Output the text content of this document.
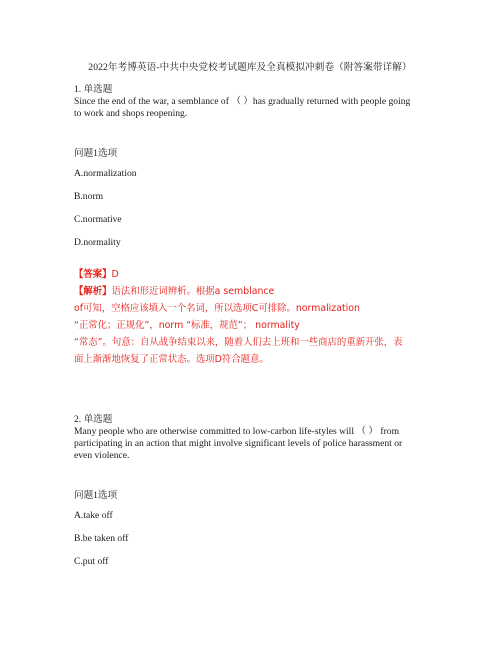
2022年考博英语-中共中央党校考试题库及全真模拟冲刺卷（附答案带详解）
1. 单选题
Since the end of the war, a semblance of （ ）has gradually returned with people going
to work and shops reopening.
问题1选项
A.normalization
B.norm
C.normative
D.normality
【答案】D
【解析】语法和形近词辨析。根据a semblance
of可知，空格应该填入一个名词，所以选项C可排除。normalization
“正常化；正规化”，norm “标准，规范”； normality
“常态”。句意：自从战争结束以来，随着人们去上班和一些商店的重新开张，表
面上渐渐地恢复了正常状态。选项D符合题意。
2. 单选题
Many people who are otherwise committed to low-carbon life-styles will （ ） from
participating in an action that might involve significant levels of police harassment or
even violence.
问题1选项
A.take off
B.be taken off
C.put off
